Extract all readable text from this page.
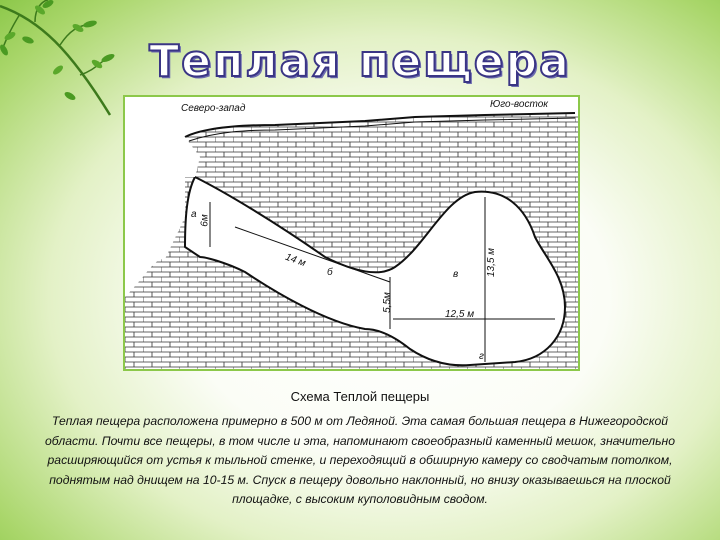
Теплая пещера
Северо-запад	Юго-восток
а
б	в
г
6м
14 м
5,5м
12,5 м
13,5 м
Схема Теплой пещеры
Теплая пещера расположена примерно в 500 м от Ледяной. Эта самая большая пещера в Нижегородской области. Почти все пещеры, в том числе и эта, напоминают своеобразный каменный мешок, значительно расширяющийся от устья к тыльной стенке, и переходящий в обширную камеру со сводчатым потолком, поднятым над днищем на 10-15 м. Спуск в пещеру довольно наклонный, но внизу оказываешься на плоской площадке, с высоким куполовидным сводом.
